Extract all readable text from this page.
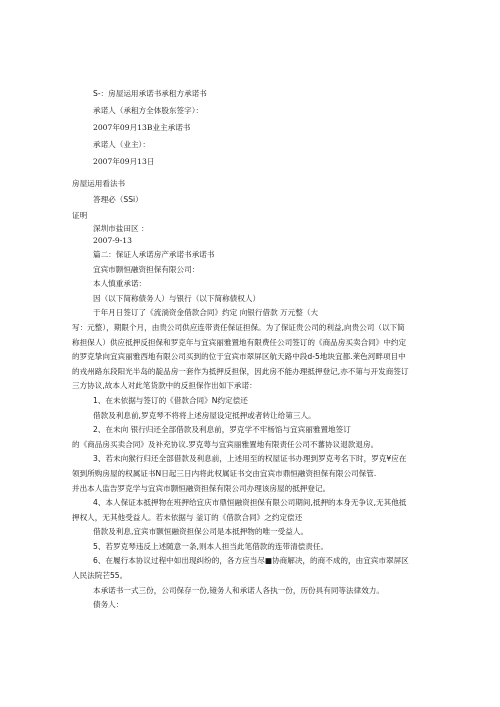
S-：房屋运用承诺书承租方承诺书
承诺人（承租方全体股东签字）：
2007年09月13B业主承诺书
承诺人（业主）：
2007年09月13日
房屋运用看法书
答理必（SSi）
证明
深圳市盐田区 ：
2007-9-13

篇二：保证人承诺房产承诺书承诺书

宜宾市颢恒融资担保有限公司：

本人慎重承诺：

因（以下简称债务人）与银行（以下简称债权人）

于年月日签订了《流淌资金借款合同》约定 向银行借款 万元整（大

写：元整），期限个月，由贵公司供应连带责任保证担保。为了保证贵公司的利益,向贵公司（以下简

称担保人）供应抵押反担保和罗克年与宜宾丽雅置地有限费任公司签订的《商品房买卖合同》中约定

的罗克挚向宜宾丽雅西地有限公司买到的位于宜宾市翠屏区航天路中段d-5地块宜都.莱色河畔项目中

的戎州路东段阳光半岛的靛品房一套作为抵押反担保，因此房不能办理抵押登记,亦不第与开发商签订

三方协议,故本人对此笔货款中的反担保作出如下承诺：

1、在未依据与签订的《借款合同》N约定偿还

借款及利息前,罗克琴不将将上述房屋设定抵押或者转让给第三人。

2、在未向 银行归还全部借款及利息前，罗克学不牢杨馅与宜宾丽雅置地签订

的《商品房买卖合同》及补充协议.罗克萼与宜宾丽雅置地有限责任公司不蕃协议退款退房。

3、若未向猴行归还全部借款及利息前，上述用至的权屋证书办理到罗克考名下时，罗克¥应在

领到所购房屋的权属证书N日起三日内将此权属证书交由宜宾市鼎恒融资担保有限公司保管.

并出本人监告罗克学与宜宾市颢恒融资担保有限公司办理该房屋的抵押登记。

4、本人保证本抵押物在班押给宜庆市鼎恒融资担保有限公司期间,抵押的本身无争议,无其他抵

押权人，无其他受益人。若未依据与 釜订的《借款合同》之约定偿还

借款及利息,宜宾市颢恒融资担保公司是本抵押物的唯一受益人。

5、若罗克琴违反上述随意一条,则本人担当此笔借款的连带清偿责任。

6、在履行本协议过程中如出现纠纷的，各方应当尽■协商解决，的商不成的，由宜宾市翠屏区

人民法院芒55。

本承诺书一式三份，公司保存一份,镜务人和承诺人各执一份，历份具有同等法律效力。

债务人：
